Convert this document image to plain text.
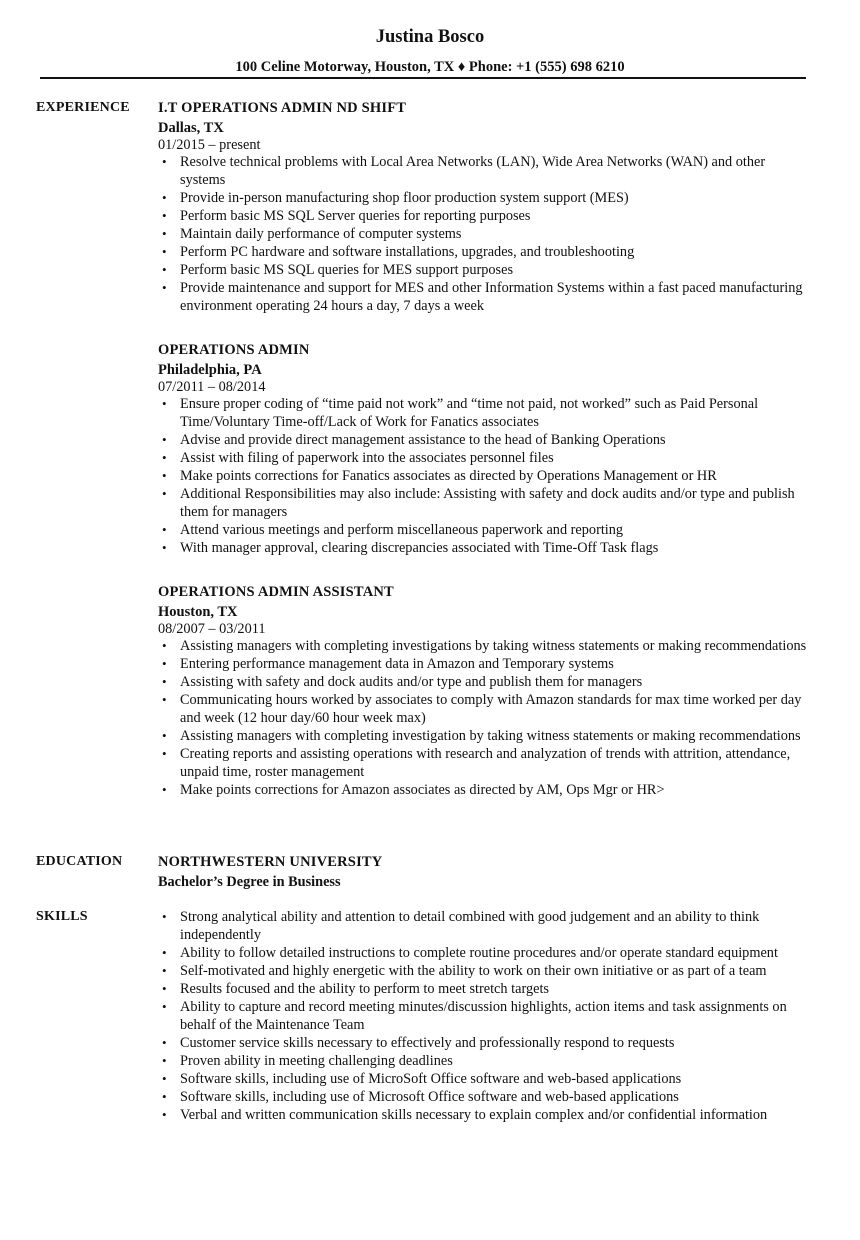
Justina Bosco
100 Celine Motorway, Houston, TX ♦ Phone: +1 (555) 698 6210
EXPERIENCE I.T OPERATIONS ADMIN ND SHIFT
Dallas, TX
01/2015 – present
• Resolve technical problems with Local Area Networks (LAN), Wide Area Networks (WAN) and other systems
• Provide in-person manufacturing shop floor production system support (MES)
• Perform basic MS SQL Server queries for reporting purposes
• Maintain daily performance of computer systems
• Perform PC hardware and software installations, upgrades, and troubleshooting
• Perform basic MS SQL queries for MES support purposes
• Provide maintenance and support for MES and other Information Systems within a fast paced manufacturing environment operating 24 hours a day, 7 days a week
OPERATIONS ADMIN
Philadelphia, PA
07/2011 – 08/2014
• Ensure proper coding of “time paid not work” and “time not paid, not worked” such as Paid Personal Time/Voluntary Time-off/Lack of Work for Fanatics associates
• Advise and provide direct management assistance to the head of Banking Operations
• Assist with filing of paperwork into the associates personnel files
• Make points corrections for Fanatics associates as directed by Operations Management or HR
• Additional Responsibilities may also include: Assisting with safety and dock audits and/or type and publish them for managers
• Attend various meetings and perform miscellaneous paperwork and reporting
• With manager approval, clearing discrepancies associated with Time-Off Task flags
OPERATIONS ADMIN ASSISTANT
Houston, TX
08/2007 – 03/2011
• Assisting managers with completing investigations by taking witness statements or making recommendations
• Entering performance management data in Amazon and Temporary systems
• Assisting with safety and dock audits and/or type and publish them for managers
• Communicating hours worked by associates to comply with Amazon standards for max time worked per day and week (12 hour day/60 hour week max)
• Assisting managers with completing investigation by taking witness statements or making recommendations
• Creating reports and assisting operations with research and analyzation of trends with attrition, attendance, unpaid time, roster management
• Make points corrections for Amazon associates as directed by AM, Ops Mgr or HR>
EDUCATION NORTHWESTERN UNIVERSITY
Bachelor’s Degree in Business
SKILLS
•	Strong analytical ability and attention to detail combined with good judgement and an ability to think independently
• Ability to follow detailed instructions to complete routine procedures and/or operate standard equipment
• Self-motivated and highly energetic with the ability to work on their own initiative or as part of a team
• Results focused and the ability to perform to meet stretch targets
• Ability to capture and record meeting minutes/discussion highlights, action items and task assignments on behalf of the Maintenance Team
• Customer service skills necessary to effectively and professionally respond to requests
• Proven ability in meeting challenging deadlines
• Software skills, including use of MicroSoft Office software and web-based applications
• Software skills, including use of Microsoft Office software and web-based applications
• Verbal and written communication skills necessary to explain complex and/or confidential information
